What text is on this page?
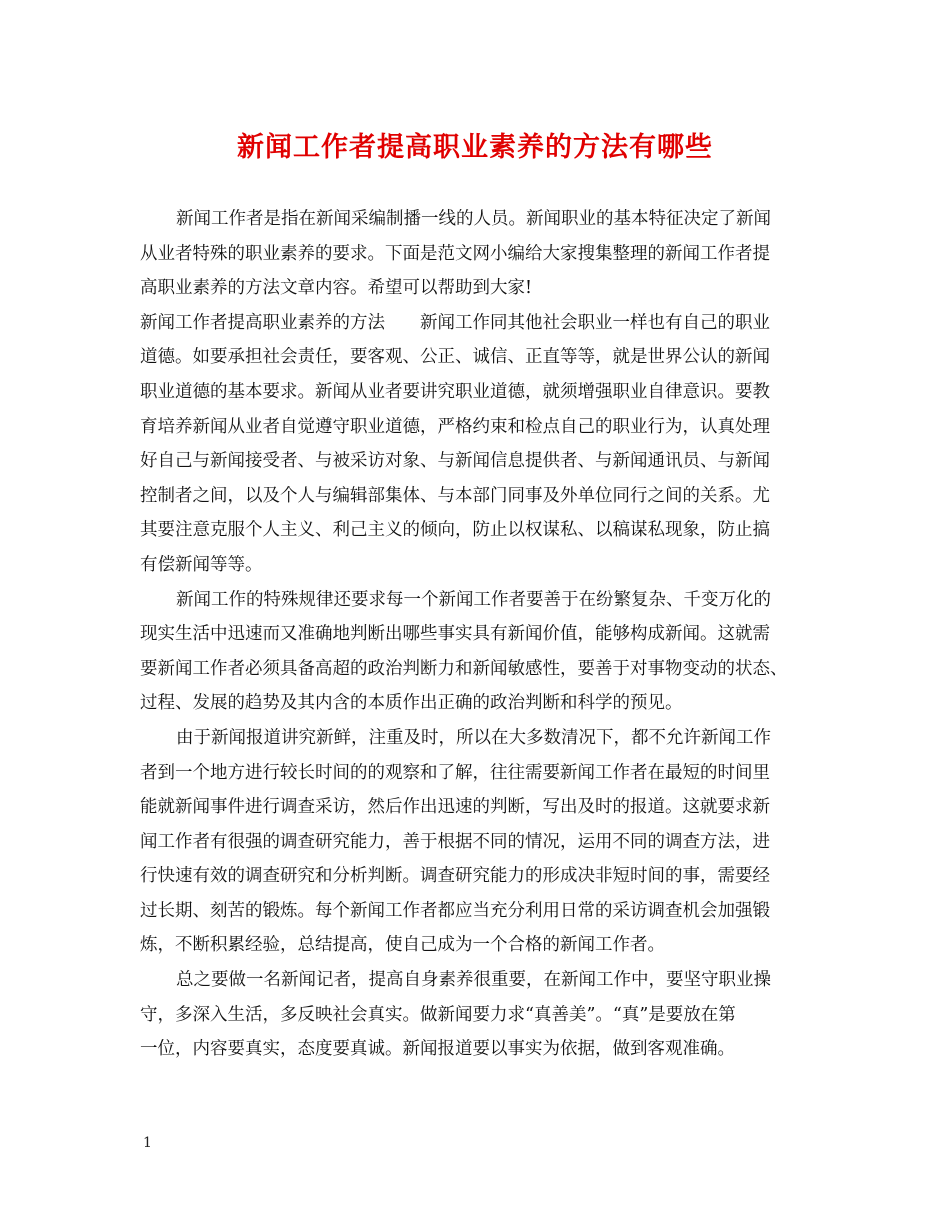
新闻工作者提高职业素养的方法有哪些
新闻工作者是指在新闻采编制播一线的人员。新闻职业的基本特征决定了新闻
从业者特殊的职业素养的要求。下面是范文网小编给大家搜集整理的新闻工作者提
高职业素养的方法文章内容。希望可以帮助到大家!
新闻工作者提高职业素养的方法　　新闻工作同其他社会职业一样也有自己的职业
道德。如要承担社会责任，要客观、公正、诚信、正直等等，就是世界公认的新闻
职业道德的基本要求。新闻从业者要讲究职业道德，就须增强职业自律意识。要教
育培养新闻从业者自觉遵守职业道德，严格约束和检点自己的职业行为，认真处理
好自己与新闻接受者、与被采访对象、与新闻信息提供者、与新闻通讯员、与新闻
控制者之间，以及个人与编辑部集体、与本部门同事及外单位同行之间的关系。尤
其要注意克服个人主义、利己主义的倾向，防止以权谋私、以稿谋私现象，防止搞
有偿新闻等等。
新闻工作的特殊规律还要求每一个新闻工作者要善于在纷繁复杂、千变万化的
现实生活中迅速而又准确地判断出哪些事实具有新闻价值，能够构成新闻。这就需
要新闻工作者必须具备高超的政治判断力和新闻敏感性，要善于对事物变动的状态、
过程、发展的趋势及其内含的本质作出正确的政治判断和科学的预见。
由于新闻报道讲究新鲜，注重及时，所以在大多数清况下，都不允许新闻工作
者到一个地方进行较长时间的的观察和了解，往往需要新闻工作者在最短的时间里
能就新闻事件进行调查采访，然后作出迅速的判断，写出及时的报道。这就要求新
闻工作者有很强的调查研究能力，善于根据不同的情况，运用不同的调查方法，进
行快速有效的调查研究和分析判断。调查研究能力的形成决非短时间的事，需要经
过长期、刻苦的锻炼。每个新闻工作者都应当充分利用日常的采访调查机会加强锻
炼，不断积累经验，总结提高，使自己成为一个合格的新闻工作者。
总之要做一名新闻记者，提高自身素养很重要，在新闻工作中，要坚守职业操
守，多深入生活，多反映社会真实。做新闻要力求“真善美”。“真”是要放在第
一位，内容要真实，态度要真诚。新闻报道要以事实为依据，做到客观准确。
1
